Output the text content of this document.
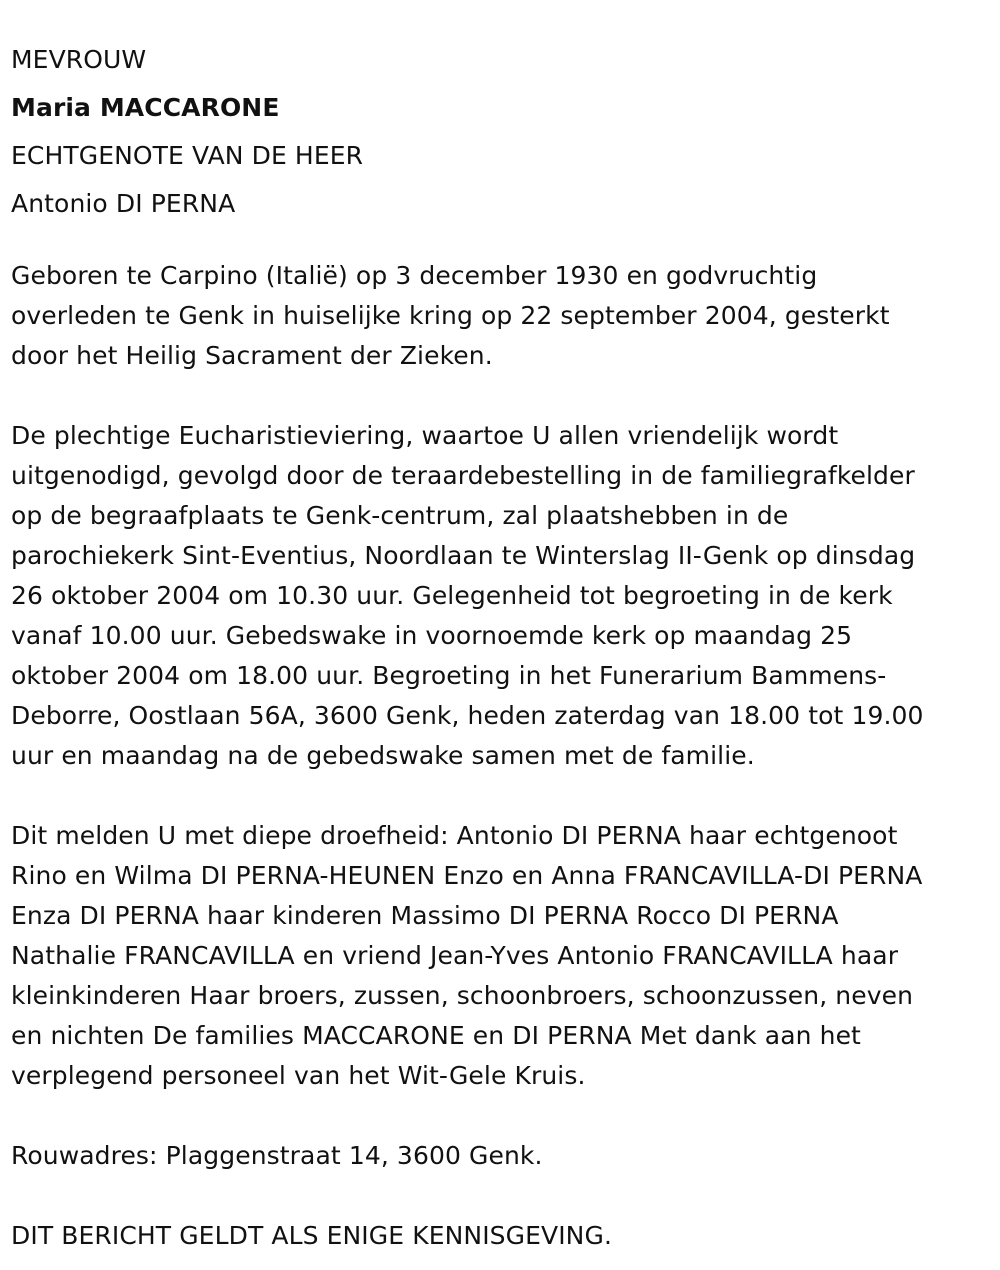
MEVROUW
Maria MACCARONE
ECHTGENOTE VAN DE HEER
Antonio DI PERNA
Geboren te Carpino (Italië) op 3 december 1930 en godvruchtig
overleden te Genk in huiselijke kring op 22 september 2004, gesterkt
door het Heilig Sacrament der Zieken.
De plechtige Eucharistieviering, waartoe U allen vriendelijk wordt
uitgenodigd, gevolgd door de teraardebestelling in de familiegrafkelder
op de begraafplaats te Genk-centrum, zal plaatshebben in de
parochiekerk Sint-Eventius, Noordlaan te Winterslag II-Genk op dinsdag
26 oktober 2004 om 10.30 uur. Gelegenheid tot begroeting in de kerk
vanaf 10.00 uur. Gebedswake in voornoemde kerk op maandag 25
oktober 2004 om 18.00 uur. Begroeting in het Funerarium Bammens-
Deborre, Oostlaan 56A, 3600 Genk, heden zaterdag van 18.00 tot 19.00
uur en maandag na de gebedswake samen met de familie.
Dit melden U met diepe droefheid: Antonio DI PERNA haar echtgenoot
Rino en Wilma DI PERNA-HEUNEN Enzo en Anna FRANCAVILLA-DI PERNA
Enza DI PERNA haar kinderen Massimo DI PERNA Rocco DI PERNA
Nathalie FRANCAVILLA en vriend Jean-Yves Antonio FRANCAVILLA haar
kleinkinderen Haar broers, zussen, schoonbroers, schoonzussen, neven
en nichten De families MACCARONE en DI PERNA Met dank aan het
verplegend personeel van het Wit-Gele Kruis.
Rouwadres: Plaggenstraat 14, 3600 Genk.
DIT BERICHT GELDT ALS ENIGE KENNISGEVING.
